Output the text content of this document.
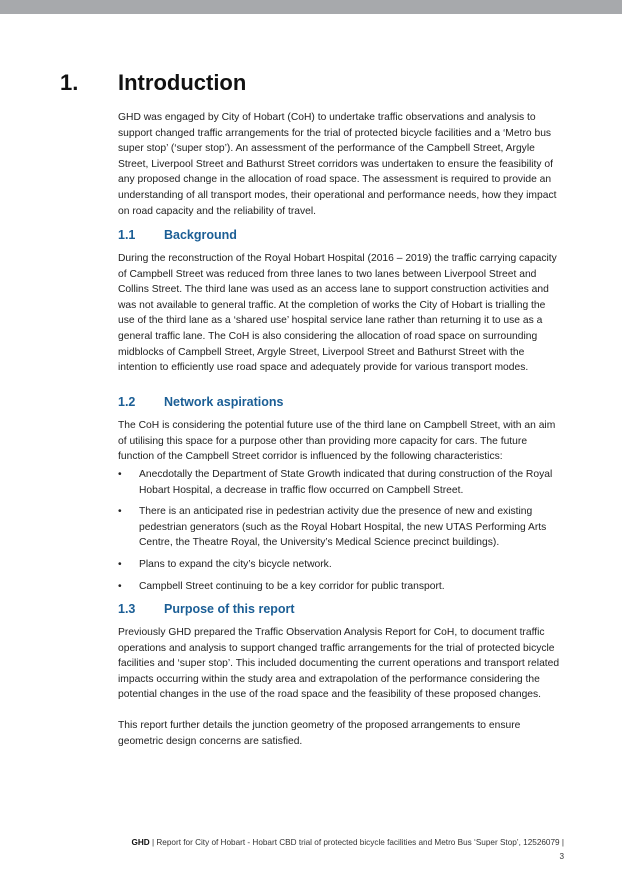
1. Introduction

GHD was engaged by City of Hobart (CoH) to undertake traffic observations and analysis to support changed traffic arrangements for the trial of protected bicycle facilities and a ‘Metro bus super stop’ (‘super stop’). An assessment of the performance of the Campbell Street, Argyle Street, Liverpool Street and Bathurst Street corridors was undertaken to ensure the feasibility of any proposed change in the allocation of road space. The assessment is required to provide an understanding of all transport modes, their operational and performance needs, how they impact on road capacity and the reliability of travel.

1.1 Background

During the reconstruction of the Royal Hobart Hospital (2016 – 2019) the traffic carrying capacity of Campbell Street was reduced from three lanes to two lanes between Liverpool Street and Collins Street. The third lane was used as an access lane to support construction activities and was not available to general traffic. At the completion of works the City of Hobart is trialling the use of the third lane as a ‘shared use’ hospital service lane rather than returning it to use as a general traffic lane. The CoH is also considering the allocation of road space on surrounding midblocks of Campbell Street, Argyle Street, Liverpool Street and Bathurst Street with the intention to efficiently use road space and adequately provide for various transport modes.

1.2 Network aspirations

The CoH is considering the potential future use of the third lane on Campbell Street, with an aim of utilising this space for a purpose other than providing more capacity for cars. The future function of the Campbell Street corridor is influenced by the following characteristics:

• Anecdotally the Department of State Growth indicated that during construction of the Royal Hobart Hospital, a decrease in traffic flow occurred on Campbell Street.
• There is an anticipated rise in pedestrian activity due the presence of new and existing pedestrian generators (such as the Royal Hobart Hospital, the new UTAS Performing Arts Centre, the Theatre Royal, the University’s Medical Science precinct buildings).
• Plans to expand the city’s bicycle network.
• Campbell Street continuing to be a key corridor for public transport.
1.3 Purpose of this report

Previously GHD prepared the Traffic Observation Analysis Report for CoH, to document traffic operations and analysis to support changed traffic arrangements for the trial of protected bicycle facilities and ‘super stop’. This included documenting the current operations and transport related impacts occurring within the study area and extrapolation of the performance considering the potential changes in the use of the road space and the feasibility of these proposed changes.

This report further details the junction geometry of the proposed arrangements to ensure geometric design concerns are satisfied.

GHD | Report for City of Hobart - Hobart CBD trial of protected bicycle facilities and Metro Bus ‘Super Stop’, 12526079 |
3
